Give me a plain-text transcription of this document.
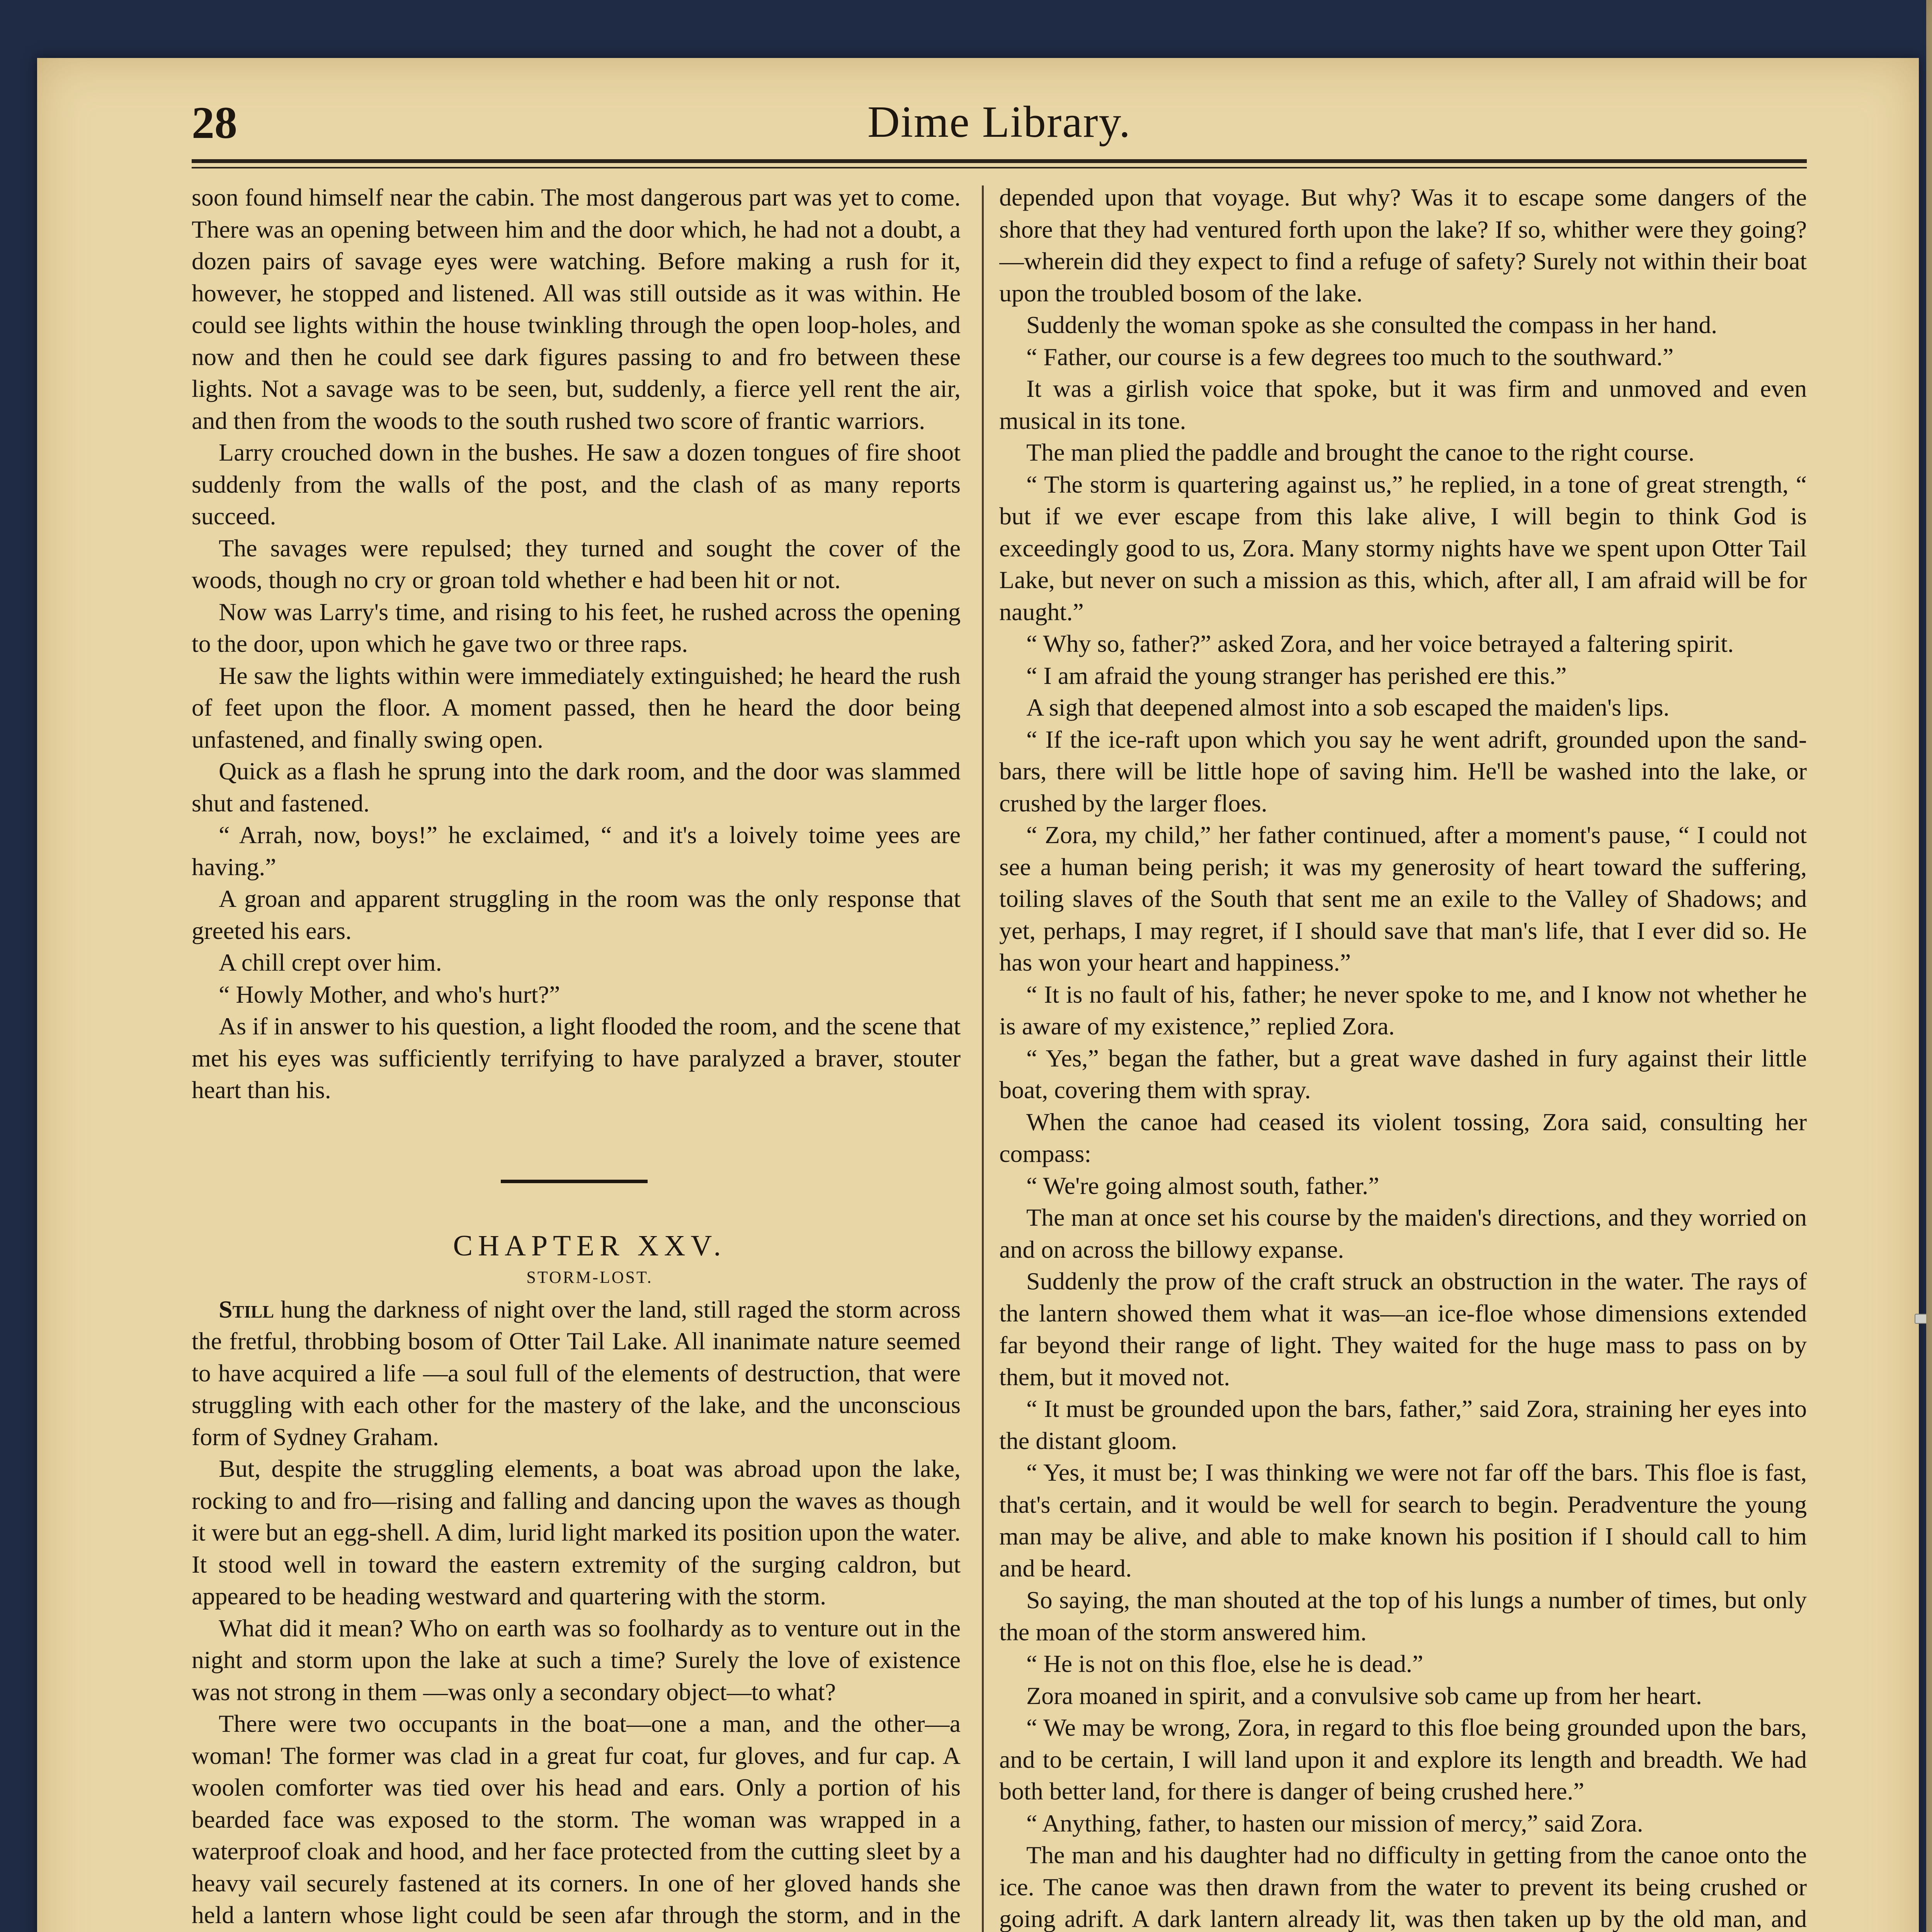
28	Dime Library.

soon found himself near the cabin. The most dangerous part was yet to come. There was an opening between him and the door which, he had not a doubt, a dozen pairs of savage eyes were watching. Before making a rush for it, however, he stopped and listened. All was still outside as it was within. He could see lights within the house twinkling through the open loop-holes, and now and then he could see dark figures passing to and fro between these lights. Not a savage was to be seen, but, suddenly, a fierce yell rent the air, and then from the woods to the south rushed two score of frantic warriors.

Larry crouched down in the bushes. He saw a dozen tongues of fire shoot suddenly from the walls of the post, and the clash of as many reports succeed.

The savages were repulsed; they turned and sought the cover of the woods, though no cry or groan told whether e had been hit or not.

Now was Larry's time, and rising to his feet, he rushed across the opening to the door, upon which he gave two or three raps.

He saw the lights within were immediately extinguished; he heard the rush of feet upon the floor. A moment passed, then he heard the door being unfastened, and finally swing open.

Quick as a flash he sprung into the dark room, and the door was slammed shut and fastened.

“ Arrah, now, boys!” he exclaimed, “ and it's a loively toime yees are having.”

A groan and apparent struggling in the room was the only response that greeted his ears.

A chill crept over him.

“ Howly Mother, and who's hurt?”

As if in answer to his question, a light flooded the room, and the scene that met his eyes was sufficiently terrifying to have paralyzed a braver, stouter heart than his.

CHAPTER XXV.

STORM-LOST.

Still hung the darkness of night over the land, still raged the storm across the fretful, throbbing bosom of Otter Tail Lake. All inanimate nature seemed to have acquired a life —a soul full of the elements of destruction, that were struggling with each other for the mastery of the lake, and the unconscious form of Sydney Graham.

But, despite the struggling elements, a boat was abroad upon the lake, rocking to and fro—rising and falling and dancing upon the waves as though it were but an egg-shell. A dim, lurid light marked its position upon the water. It stood well in toward the eastern extremity of the surging caldron, but appeared to be heading westward and quartering with the storm.

What did it mean? Who on earth was so foolhardy as to venture out in the night and storm upon the lake at such a time? Surely the love of existence was not strong in them —was only a secondary object—to what?

There were two occupants in the boat—one a man, and the other—a woman! The former was clad in a great fur coat, fur gloves, and fur cap. A woolen comforter was tied over his head and ears. Only a portion of his bearded face was exposed to the storm. The woman was wrapped in a waterproof cloak and hood, and her face protected from the cutting sleet by a heavy vail securely fastened at its corners. In one of her gloved hands she held a lantern whose light could be seen afar through the storm, and in the

depended upon that voyage. But why? Was it to escape some dangers of the shore that they had ventured forth upon the lake? If so, whither were they going?—wherein did they expect to find a refuge of safety? Surely not within their boat upon the troubled bosom of the lake.

Suddenly the woman spoke as she consulted the compass in her hand.

“ Father, our course is a few degrees too much to the southward.”

It was a girlish voice that spoke, but it was firm and unmoved and even musical in its tone.

The man plied the paddle and brought the canoe to the right course.

“ The storm is quartering against us,” he replied, in a tone of great strength, “ but if we ever escape from this lake alive, I will begin to think God is exceedingly good to us, Zora. Many stormy nights have we spent upon Otter Tail Lake, but never on such a mission as this, which, after all, I am afraid will be for naught.”

“ Why so, father?” asked Zora, and her voice betrayed a faltering spirit.

“ I am afraid the young stranger has perished ere this.”

A sigh that deepened almost into a sob escaped the maiden's lips.

“ If the ice-raft upon which you say he went adrift, grounded upon the sand-bars, there will be little hope of saving him. He'll be washed into the lake, or crushed by the larger floes.

“ Zora, my child,” her father continued, after a moment's pause, “ I could not see a human being perish; it was my generosity of heart toward the suffering, toiling slaves of the South that sent me an exile to the Valley of Shadows; and yet, perhaps, I may regret, if I should save that man's life, that I ever did so. He has won your heart and happiness.”

“ It is no fault of his, father; he never spoke to me, and I know not whether he is aware of my existence,” replied Zora.

“ Yes,” began the father, but a great wave dashed in fury against their little boat, covering them with spray.

When the canoe had ceased its violent tossing, Zora said, consulting her compass:

“ We're going almost south, father.”

The man at once set his course by the maiden's directions, and they worried on and on across the billowy expanse.

Suddenly the prow of the craft struck an obstruction in the water. The rays of the lantern showed them what it was—an ice-floe whose dimensions extended far beyond their range of light. They waited for the huge mass to pass on by them, but it moved not.

“ It must be grounded upon the bars, father,” said Zora, straining her eyes into the distant gloom.

“ Yes, it must be; I was thinking we were not far off the bars. This floe is fast, that's certain, and it would be well for search to begin. Peradventure the young man may be alive, and able to make known his position if I should call to him and be heard.

So saying, the man shouted at the top of his lungs a number of times, but only the moan of the storm answered him.

“ He is not on this floe, else he is dead.”

Zora moaned in spirit, and a convulsive sob came up from her heart.

“ We may be wrong, Zora, in regard to this floe being grounded upon the bars, and to be certain, I will land upon it and explore its length and breadth. We had both better land, for there is danger of being crushed here.”

“ Anything, father, to hasten our mission of mercy,” said Zora.

The man and his daughter had no difficulty in getting from the canoe onto the ice. The canoe was then drawn from the water to prevent its being crushed or going adrift. A dark lantern already lit, was then taken up by the old man, and
